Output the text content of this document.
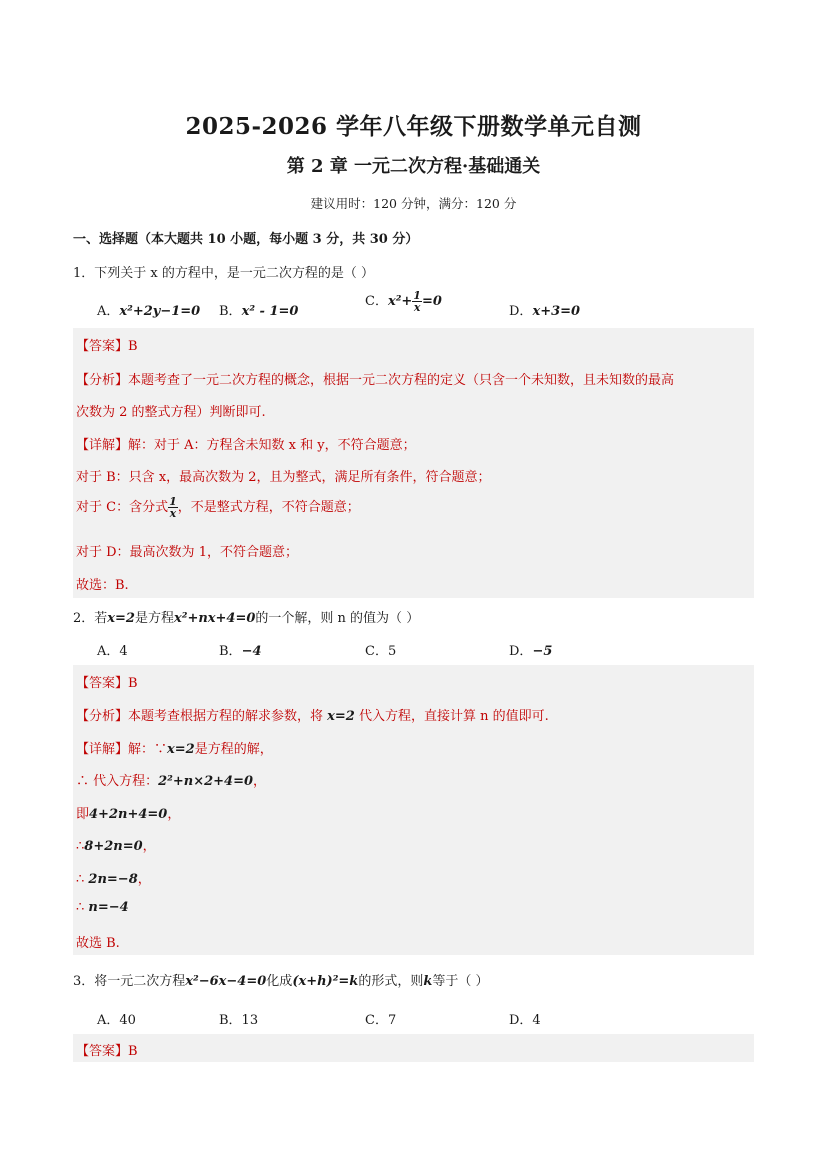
2025-2026 学年八年级下册数学单元自测
第 2 章 一元二次方程·基础通关
建议用时：120 分钟，满分：120 分
一、选择题（本大题共 10 小题，每小题 3 分，共 30 分）
1．下列关于 x 的方程中，是一元二次方程的是（ ）
A．x²+2y−1=0 B．x² - 1=0
C．$x^2+ \frac{1}{x} =0$
D．x+3=0
【答案】B
【分析】本题考查了一元二次方程的概念，根据一元二次方程的定义（只含一个未知数，且未知数的最高
次数为 2 的整式方程）判断即可.
【详解】解：对于 A：方程含未知数 x 和 y，不符合题意；
对于 B：只含 x，最高次数为 2，且为整式，满足所有条件，符合题意；
对于 C：含分式 $\frac{1}{x}$ ，不是整式方程，不符合题意；
对于 D：最高次数为 1，不符合题意；
故选：B.
2．若x=2是方程x²+nx+4=0的一个解，则 n 的值为（ ）
A．4	B．−4	C．5	D．−5
【答案】B
【分析】本题考查根据方程的解求参数，将 x=2 代入方程，直接计算 n 的值即可.
【详解】解：∵x=2是方程的解，
∴ 代入方程：2²+n×2+4=0，
即4+2n+4=0，
∴8+2n=0，
∴ 2n=−8，
∴ n=−4
故选 B.
3．将一元二次方程x²−6x−4=0化成(x+h)²=k的形式，则k等于（ ）
A．40	B．13	C．7	D．4
【答案】B
